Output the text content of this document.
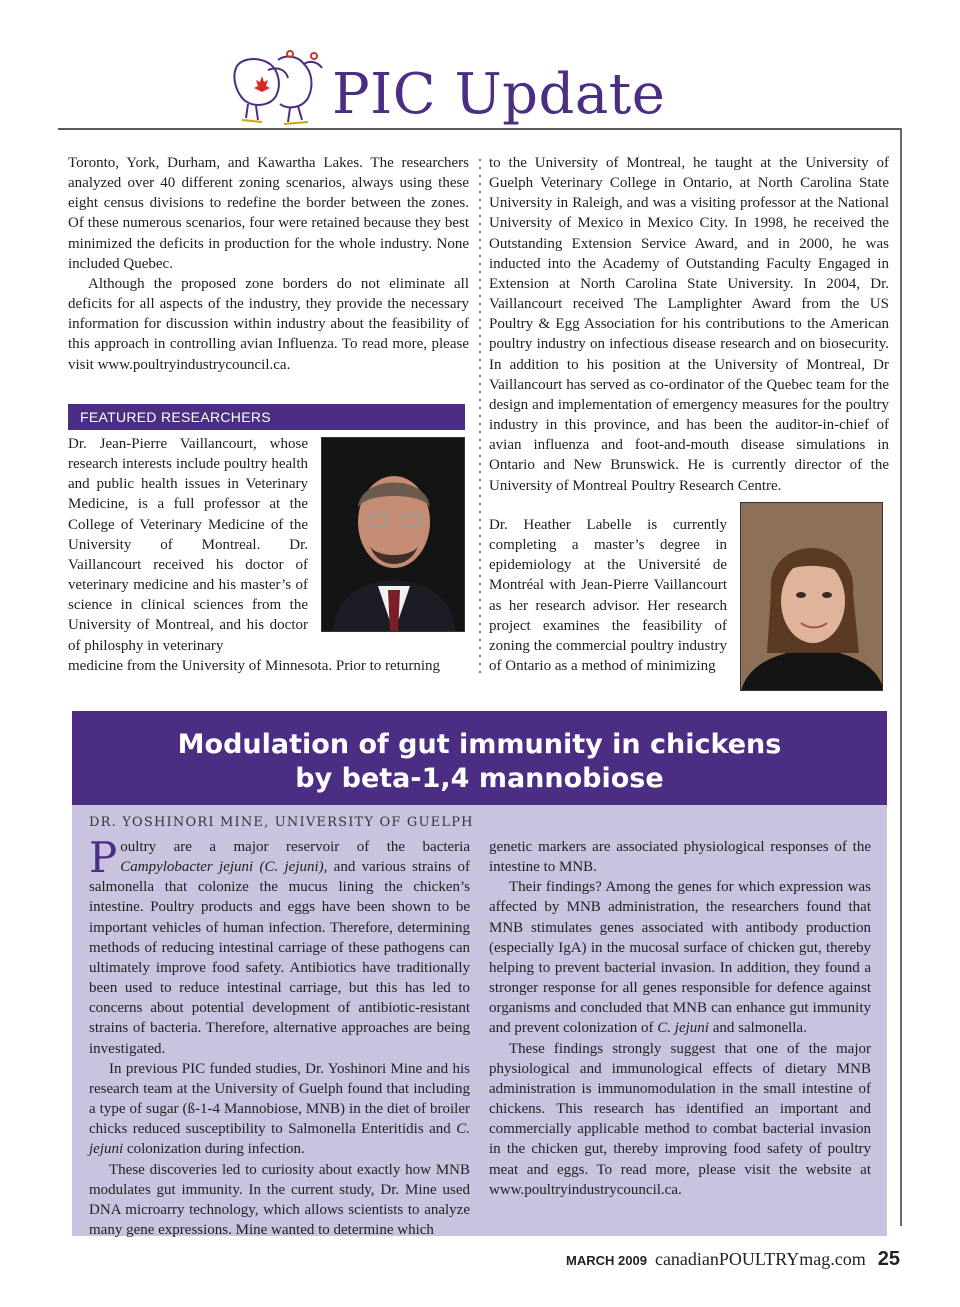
PIC Update

Toronto, York, Durham, and Kawartha Lakes. The researchers analyzed over 40 different zoning scenarios, always using these eight census divisions to redefine the border between the zones. Of these numerous scenarios, four were retained because they best minimized the deficits in production for the whole industry. None included Quebec.

Although the proposed zone borders do not eliminate all deficits for all aspects of the industry, they provide the necessary information for discussion within industry about the feasibility of this approach in controlling avian Influenza. To read more, please visit www.poultryindustrycouncil.ca.

to the University of Montreal, he taught at the University of Guelph Veterinary College in Ontario, at North Carolina State University in Raleigh, and was a visiting professor at the National University of Mexico in Mexico City. In 1998, he received the Outstanding Extension Service Award, and in 2000, he was inducted into the Academy of Outstanding Faculty Engaged in Extension at North Carolina State University. In 2004, Dr. Vaillancourt received The Lamplighter Award from the US Poultry & Egg Association for his contributions to the American poultry industry on infectious disease research and on biosecurity. In addition to his position at the University of Montreal, Dr Vaillancourt has served as co-ordinator of the Quebec team for the design and implementation of emergency measures for the poultry industry in this province, and has been the auditor-in-chief of avian influenza and foot-and-mouth disease simulations in Ontario and New Brunswick. He is currently director of the University of Montreal Poultry Research Centre.

FEATURED RESEARCHERS

Dr. Jean-Pierre Vaillancourt, whose research interests include poultry health and public health issues in Veterinary Medicine, is a full professor at the College of Veterinary Medicine of the University of Montreal. Dr. Vaillancourt received his doctor of veterinary medicine and his master’s of science in clinical sciences from the University of Montreal, and his doctor of philosphy in veterinary

medicine from the University of Minnesota. Prior to returning

Dr. Heather Labelle is currently completing a master’s degree in epidemiology at the Université de Montréal with Jean-Pierre Vaillancourt as her research advisor. Her research project examines the feasibility of zoning the commercial poultry industry of Ontario as a method of minimizing

Modulation of gut immunity in chickens
by beta-1,4 mannobiose
DR. YOSHINORI MINE, UNIVERSITY OF GUELPH

Poultry are a major reservoir of the bacteria Campylobacter jejuni (C. jejuni), and various strains of salmonella that colonize the mucus lining the chicken’s intestine. Poultry products and eggs have been shown to be important vehicles of human infection. Therefore, determining methods of reducing intestinal carriage of these pathogens can ultimately improve food safety. Antibiotics have traditionally been used to reduce intestinal carriage, but this has led to concerns about potential development of antibiotic-resistant strains of bacteria. Therefore, alternative approaches are being investigated.

In previous PIC funded studies, Dr. Yoshinori Mine and his research team at the University of Guelph found that including a type of sugar (ß-1-4 Mannobiose, MNB) in the diet of broiler chicks reduced susceptibility to Salmonella Enteritidis and C. jejuni colonization during infection.

These discoveries led to curiosity about exactly how MNB modulates gut immunity. In the current study, Dr. Mine used DNA microarry technology, which allows scientists to analyze many gene expressions. Mine wanted to determine which

genetic markers are associated physiological responses of the intestine to MNB.

Their findings? Among the genes for which expression was affected by MNB administration, the researchers found that MNB stimulates genes associated with antibody production (especially IgA) in the mucosal surface of chicken gut, thereby helping to prevent bacterial invasion. In addition, they found a stronger response for all genes responsible for defence against organisms and concluded that MNB can enhance gut immunity and prevent colonization of C. jejuni and salmonella.

These findings strongly suggest that one of the major physiological and immunological effects of dietary MNB administration is immunomodulation in the small intestine of chickens. This research has identified an important and commercially applicable method to combat bacterial invasion in the chicken gut, thereby improving food safety of poultry meat and eggs. To read more, please visit the website at www.poultryindustrycouncil.ca.

MARCH 2009 canadianPOULTRYmag.com 25
